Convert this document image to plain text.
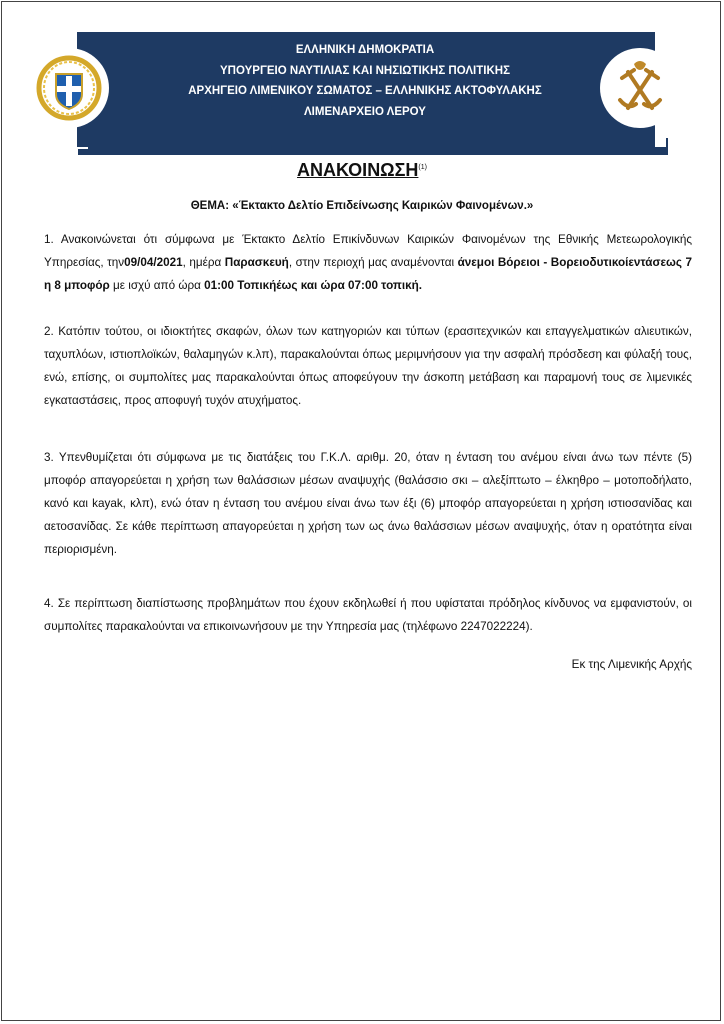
ΕΛΛΗΝΙΚΗ ΔΗΜΟΚΡΑΤΙΑ
ΥΠΟΥΡΓΕΙΟ ΝΑΥΤΙΛΙΑΣ ΚΑΙ ΝΗΣΙΩΤΙΚΗΣ ΠΟΛΙΤΙΚΗΣ
ΑΡΧΗΓΕΙΟ ΛΙΜΕΝΙΚΟΥ ΣΩΜΑΤΟΣ – ΕΛΛΗΝΙΚΗΣ ΑΚΤΟΦΥΛΑΚΗΣ
ΛΙΜΕΝΑΡΧΕΙΟ ΛΕΡΟΥ
ΑΝΑΚΟΙΝΩΣΗ$^{(1)}$
ΘΕΜΑ: «Έκτακτο Δελτίο Επιδείνωσης Καιρικών Φαινομένων.»
1. Ανακοινώνεται ότι σύμφωνα με Έκτακτο Δελτίο Επικίνδυνων Καιρικών Φαινομένων της Εθνικής Μετεωρολογικής Υπηρεσίας, την09/04/2021, ημέρα Παρασκευή, στην περιοχή μας αναμένονται άνεμοι Βόρειοι - Βορειοδυτικοίεντάσεως 7 η 8 μποφόρ με ισχύ από ώρα 01:00 Τοπικήέως και ώρα 07:00 τοπική.
2. Κατόπιν τούτου, οι ιδιοκτήτες σκαφών, όλων των κατηγοριών και τύπων (ερασιτεχνικών και επαγγελματικών αλιευτικών, ταχυπλόων, ιστιοπλοϊκών, θαλαμηγών κ.λπ), παρακαλούνται όπως μεριμνήσουν για την ασφαλή πρόσδεση και φύλαξή τους, ενώ, επίσης, οι συμπολίτες μας παρακαλούνται όπως αποφεύγουν την άσκοπη μετάβαση και παραμονή τους σε λιμενικές εγκαταστάσεις, προς αποφυγή τυχόν ατυχήματος.
3. Υπενθυμίζεται ότι σύμφωνα με τις διατάξεις του Γ.Κ.Λ. αριθμ. 20, όταν η ένταση του ανέμου είναι άνω των πέντε (5) μποφόρ απαγορεύεται η χρήση των θαλάσσιων μέσων αναψυχής (θαλάσσιο σκι – αλεξίπτωτο – έλκηθρο – μοτοποδήλατο, κανό και kayak, κλπ), ενώ όταν η ένταση του ανέμου είναι άνω των έξι (6) μποφόρ απαγορεύεται η χρήση ιστιοσανίδας και αετοσανίδας. Σε κάθε περίπτωση απαγορεύεται η χρήση των ως άνω θαλάσσιων μέσων αναψυχής, όταν η ορατότητα είναι περιορισμένη.
4. Σε περίπτωση διαπίστωσης προβλημάτων που έχουν εκδηλωθεί ή που υφίσταται πρόδηλος κίνδυνος να εμφανιστούν, οι συμπολίτες παρακαλούνται να επικοινωνήσουν με την Υπηρεσία μας (τηλέφωνο 2247022224).
Εκ της Λιμενικής Αρχής
